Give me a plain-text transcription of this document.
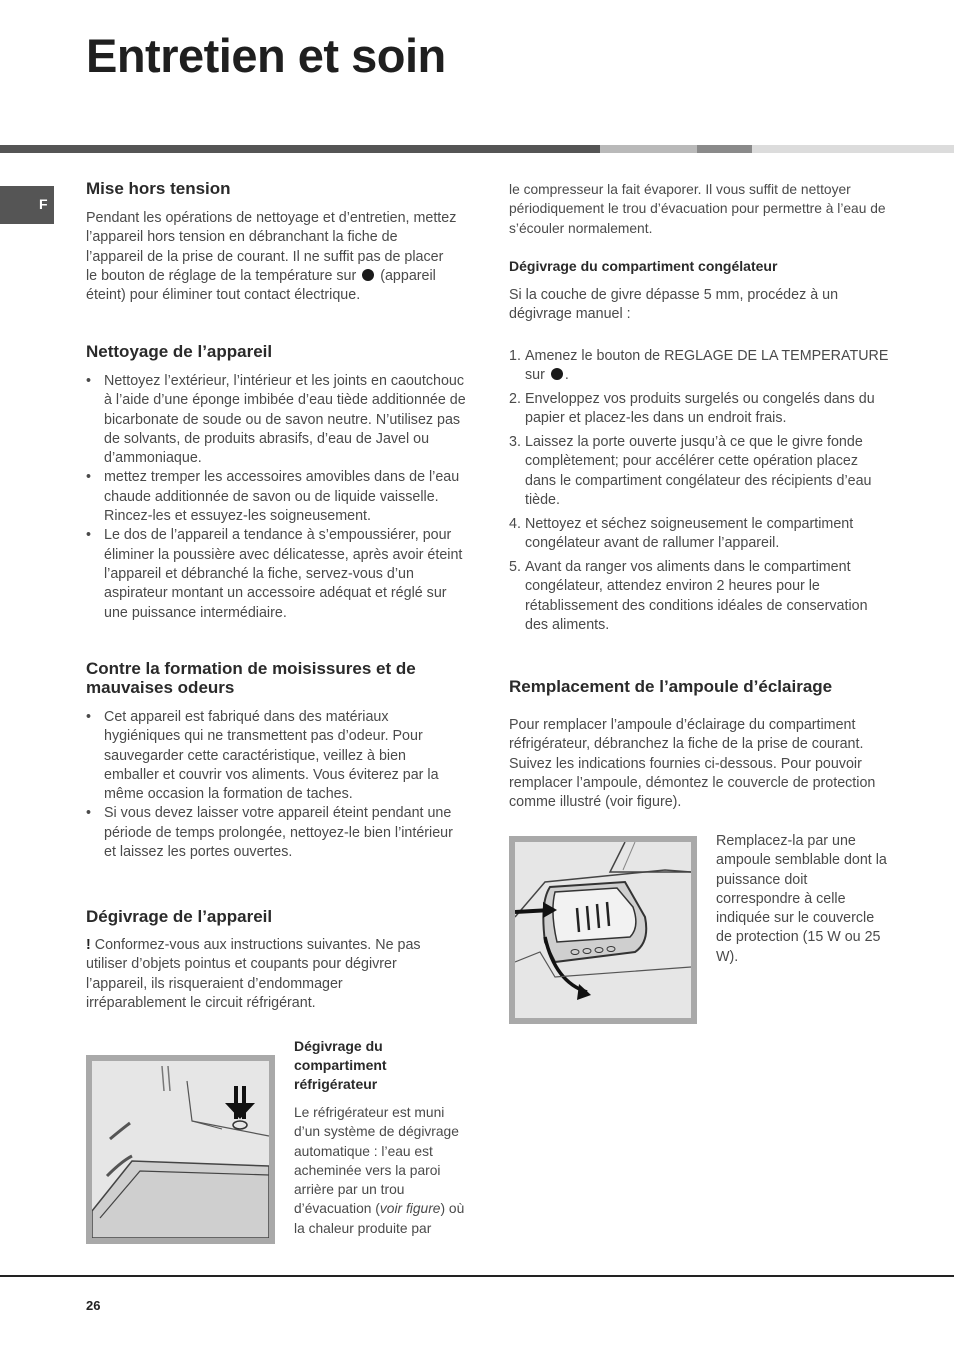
Entretien et soin
F
Mise hors tension

Pendant les opérations de nettoyage et d’entretien, mettez l’appareil hors tension en débranchant la fiche de l’appareil de la prise de courant. Il ne suffit pas de placer le bouton de réglage de la température sur (appareil éteint) pour éliminer tout contact électrique.

Nettoyage de l’appareil
• Nettoyez l’extérieur, l’intérieur et les joints en caoutchouc à l’aide d’une éponge imbibée d’eau tiède additionnée de bicarbonate de soude ou de savon neutre. N’utilisez pas de solvants, de produits abrasifs, d’eau de Javel ou d’ammoniaque.
• mettez tremper les accessoires amovibles dans de l’eau chaude additionnée de savon ou de liquide vaisselle. Rincez-les et essuyez-les soigneusement.
• Le dos de l’appareil a tendance à s’empoussiérer, pour éliminer la poussière avec délicatesse, après avoir éteint l’appareil et débranché la fiche, servez-vous d’un aspirateur montant un accessoire adéquat et réglé sur une puissance intermédiaire.
Contre la formation de moisissures et de mauvaises odeurs
• Cet appareil est fabriqué dans des matériaux hygiéniques qui ne transmettent pas d’odeur. Pour sauvegarder cette caractéristique, veillez à bien emballer et couvrir vos aliments. Vous éviterez par la même occasion la formation de taches.
• Si vous devez laisser votre appareil éteint pendant une période de temps prolongée, nettoyez-le bien l’intérieur et laissez les portes ouvertes.
Dégivrage de l’appareil

! Conformez-vous aux instructions suivantes. Ne pas utiliser d’objets pointus et coupants pour dégivrer l’appareil, ils risqueraient d’endommager irréparablement le circuit réfrigérant.

Dégivrage du compartiment réfrigérateur

Le réfrigérateur est muni d’un système de dégivrage automatique : l’eau est acheminée vers la paroi arrière par un trou d’évacuation (voir figure) où la chaleur produite par

le compresseur la fait évaporer. Il vous suffit de nettoyer périodiquement le trou d’évacuation pour permettre à l’eau de s’écouler normalement.

Dégivrage du compartiment congélateur

Si la couche de givre dépasse 5 mm, procédez à un dégivrage manuel :

1. Amenez le bouton de REGLAGE DE LA TEMPERATURE sur .
2. Enveloppez vos produits surgelés ou congelés dans du papier et placez-les dans un endroit frais.
3. Laissez la porte ouverte jusqu’à ce que le givre fonde complètement; pour accélérer cette opération placez dans le compartiment congélateur des récipients d’eau tiède.
4. Nettoyez et séchez soigneusement le compartiment congélateur avant de rallumer l’appareil.
5. Avant da ranger vos aliments dans le compartiment congélateur, attendez environ 2 heures pour le rétablissement des conditions idéales de conservation des aliments.
Remplacement de l’ampoule d’éclairage

Pour remplacer l’ampoule d’éclairage du compartiment réfrigérateur, débranchez la fiche de la prise de courant. Suivez les indications fournies ci-dessous. Pour pouvoir remplacer l’ampoule, démontez le couvercle de protection comme illustré (voir figure).

Remplacez-la par une ampoule semblable dont la puissance doit correspondre à celle indiquée sur le couvercle de protection (15 W ou 25 W).

26
